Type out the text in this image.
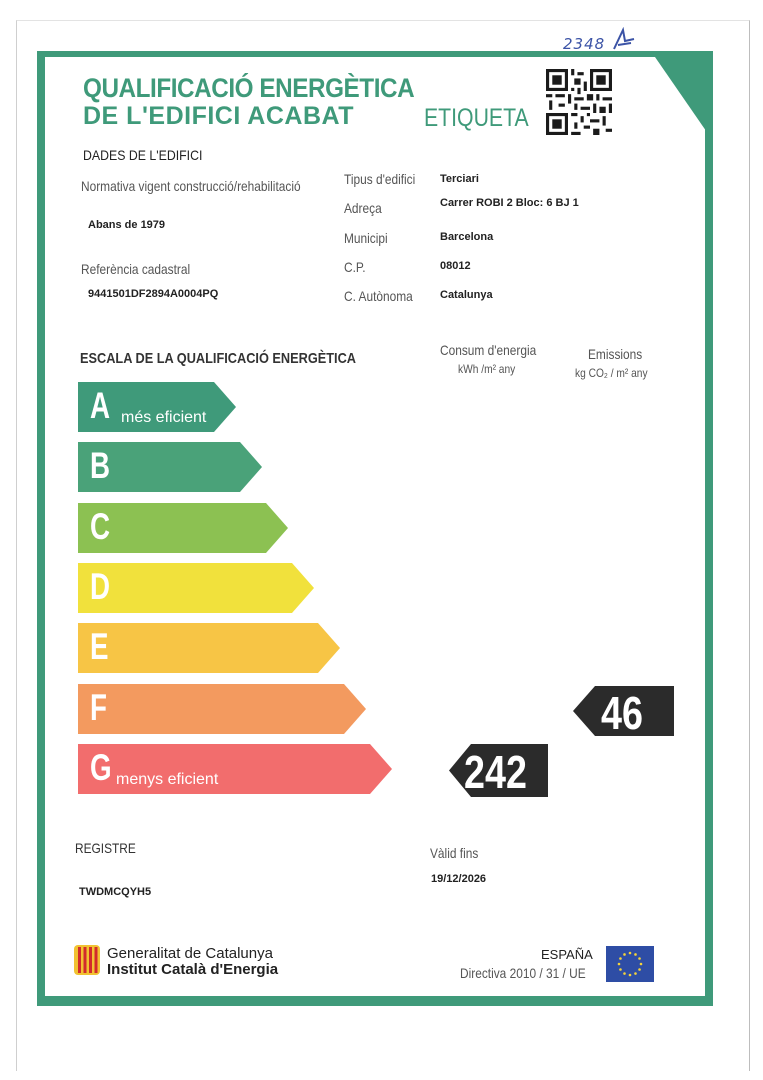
2348
QUALIFICACIÓ ENERGÈTICA
DE L'EDIFICI ACABAT	ETIQUETA
DADES DE L'EDIFICI
Normativa vigent construcció/rehabilitació
Abans de 1979
Referència cadastral
9441501DF2894A0004PQ
Tipus d'edifici Terciari
Adreça	Carrer ROBI 2 Bloc: 6 BJ 1
Municipi	Barcelona
C.P.	08012
C. Autònoma Catalunya
ESCALA DE LA QUALIFICACIÓ ENERGÈTICA	Consum d'energia
kWh /m² any
Emissions
kg CO₂ / m² any
A més eficient
B
C
D
E
F
G menys eficient	242
46
REGISTRE
TWDMCQYH5
Vàlid fins
19/12/2026
Generalitat de Catalunya
Institut Català d'Energia
ESPAÑA
Directiva 2010 / 31 / UE
